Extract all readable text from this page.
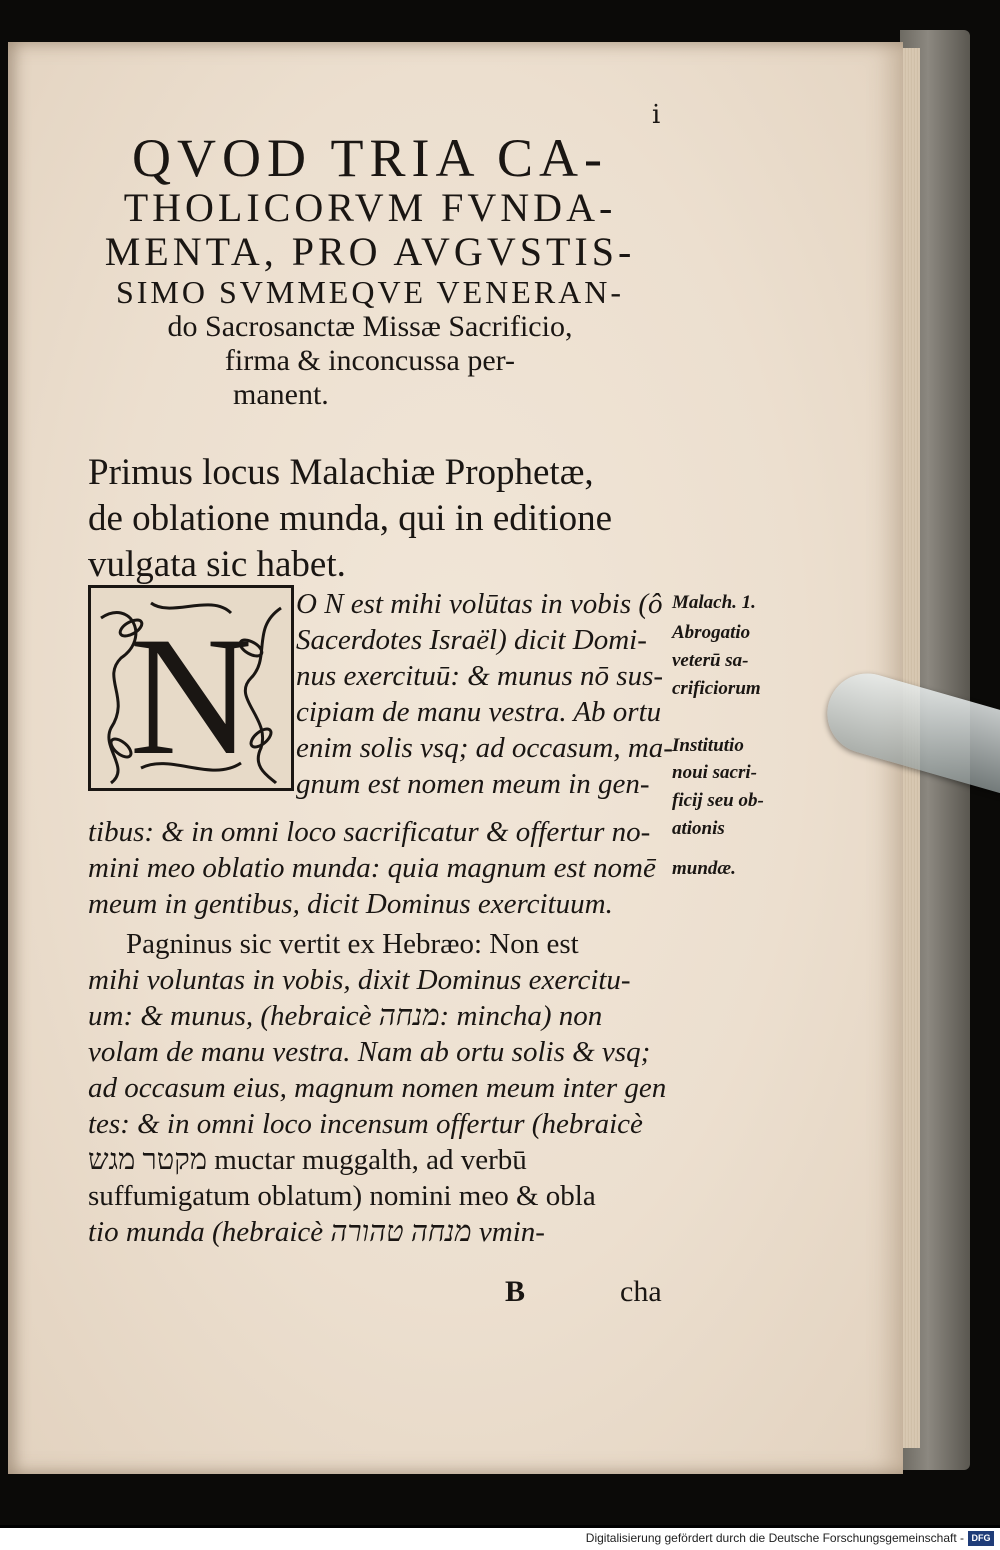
i
QVOD TRIA CA-
THOLICORVM FVNDA-
MENTA, PRO AVGVSTIS-
SIMO SVMMEQVE VENERAN-
do Sacrosanctæ Missæ Sacrificio,
firma & inconcussa per-
manent.
Primus locus Malachiæ Prophetæ,
de oblatione munda, qui in editione
vulgata sic habet.
N O N est mihi volūtas in vobis (ô
Sacerdotes Israël) dicit Domi-
nus exercituū: & munus nō sus-
cipiam de manu vestra. Ab ortu
enim solis vsq; ad occasum, ma-
gnum est nomen meum in gen-
tibus: & in omni loco sacrificatur & offertur no-
mini meo oblatio munda: quia magnum est nomē
meum in gentibus, dicit Dominus exercituum.
Pagninus sic vertit ex Hebræo: Non est
mihi voluntas in vobis, dixit Dominus exercitu-
um: & munus, (hebraicè מנחה: mincha) non
volam de manu vestra. Nam ab ortu solis & vsq;
ad occasum eius, magnum nomen meum inter gen
tes: & in omni loco incensum offertur (hebraicè
מקטר מגש muctar muggalth, ad verbū
suffumigatum oblatum) nomini meo & obla
tio munda (hebraicè מנחה טהורה vmin-
Malach. 1.
Abrogatio
veterū sa-
crificiorum
Institutio
noui sacri-
ficij seu ob-
ationis
mundæ.
B	cha
Digitalisierung gefördert durch die Deutsche Forschungsgemeinschaft - DFG
